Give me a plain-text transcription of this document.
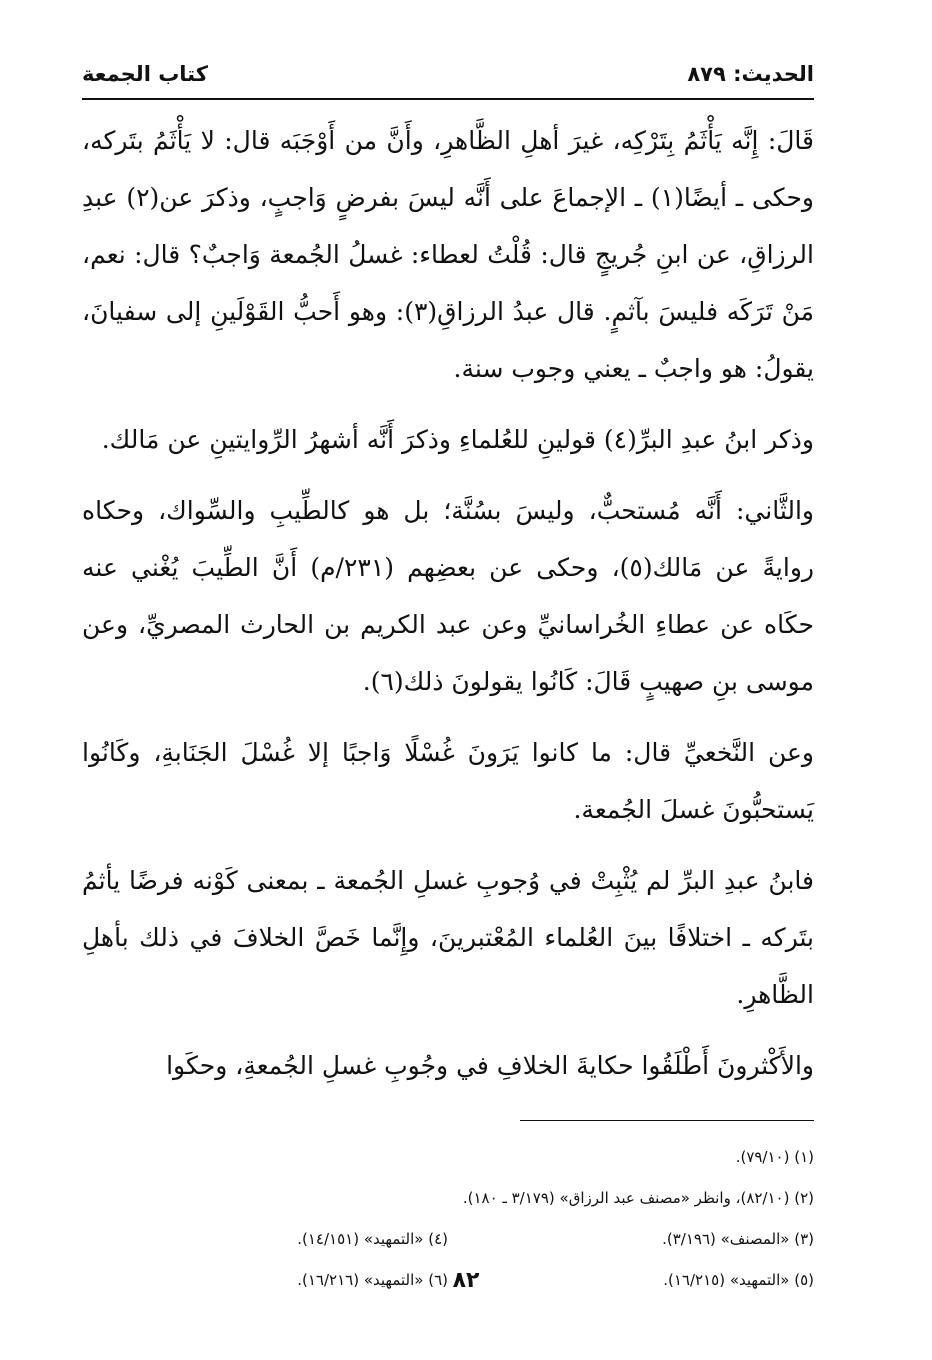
الحديث: ٨٧٩
كتاب الجمعة

قَالَ: إِنَّه يَأْثَمُ بِتَرْكِه، غيرَ أهلِ الظَّاهرِ، وأَنَّ من أَوْجَبَه قال: لا يَأْثَمُ بتَركه، وحكى ـ أيضًا(١) ـ الإجماعَ على أَنَّه ليسَ بفرضٍ وَاجبٍ، وذكرَ عن(٢) عبدِ الرزاقِ، عن ابنِ جُريجٍ قال: قُلْتُ لعطاء: غسلُ الجُمعة وَاجبٌ؟ قال: نعم، مَنْ تَرَكَه فليسَ بآثمٍ. قال عبدُ الرزاقِ(٣): وهو أَحبُّ القَوْلَينِ إلى سفيانَ، يقولُ: هو واجبٌ ـ يعني وجوب سنة.

وذكر ابنُ عبدِ البرِّ(٤) قولينِ للعُلماءِ وذكرَ أَنَّه أشهرُ الرِّوايتينِ عن مَالك.

والثَّاني: أَنَّه مُستحبٌّ، وليسَ بسُنَّة؛ بل هو كالطِّيبِ والسِّواك، وحكاه روايةً عن مَالك(٥)، وحكى عن بعضِهم (٢٣١/م) أَنَّ الطِّيبَ يُغْني عنه حكَاه عن عطاءِ الخُراسانيِّ وعن عبد الكريم بن الحارث المصريِّ، وعن موسى بنِ صهيبٍ قَالَ: كَانُوا يقولونَ ذلك(٦).

وعن النَّخعيِّ قال: ما كانوا يَرَونَ غُسْلًا وَاجبًا إلا غُسْلَ الجَنَابةِ، وكَانُوا يَستحبُّونَ غسلَ الجُمعة.

فابنُ عبدِ البرِّ لم يُثْبِتْ في وُجوبِ غسلِ الجُمعة ـ بمعنى كَوْنه فرضًا يأثمُ بتَركه ـ اختلافًا بينَ العُلماء المُعْتبرينَ، وإِنَّما خَصَّ الخلافَ في ذلك بأهلِ الظَّاهرِ.

والأَكْثرونَ أَطْلَقُوا حكايةَ الخلافِ في وجُوبِ غسلِ الجُمعةِ، وحكَوا

(١) (٧٩/١٠).
(٢) (٨٢/١٠)، وانظر «مصنف عبد الرزاق» (٣/١٧٩ ـ ١٨٠).
(٣) «المصنف» (٣/١٩٦).
(٤) «التمهيد» (١٤/١٥١).
(٥) «التمهيد» (١٦/٢١٥).
(٦) «التمهيد» (١٦/٢١٦). ٨٢
